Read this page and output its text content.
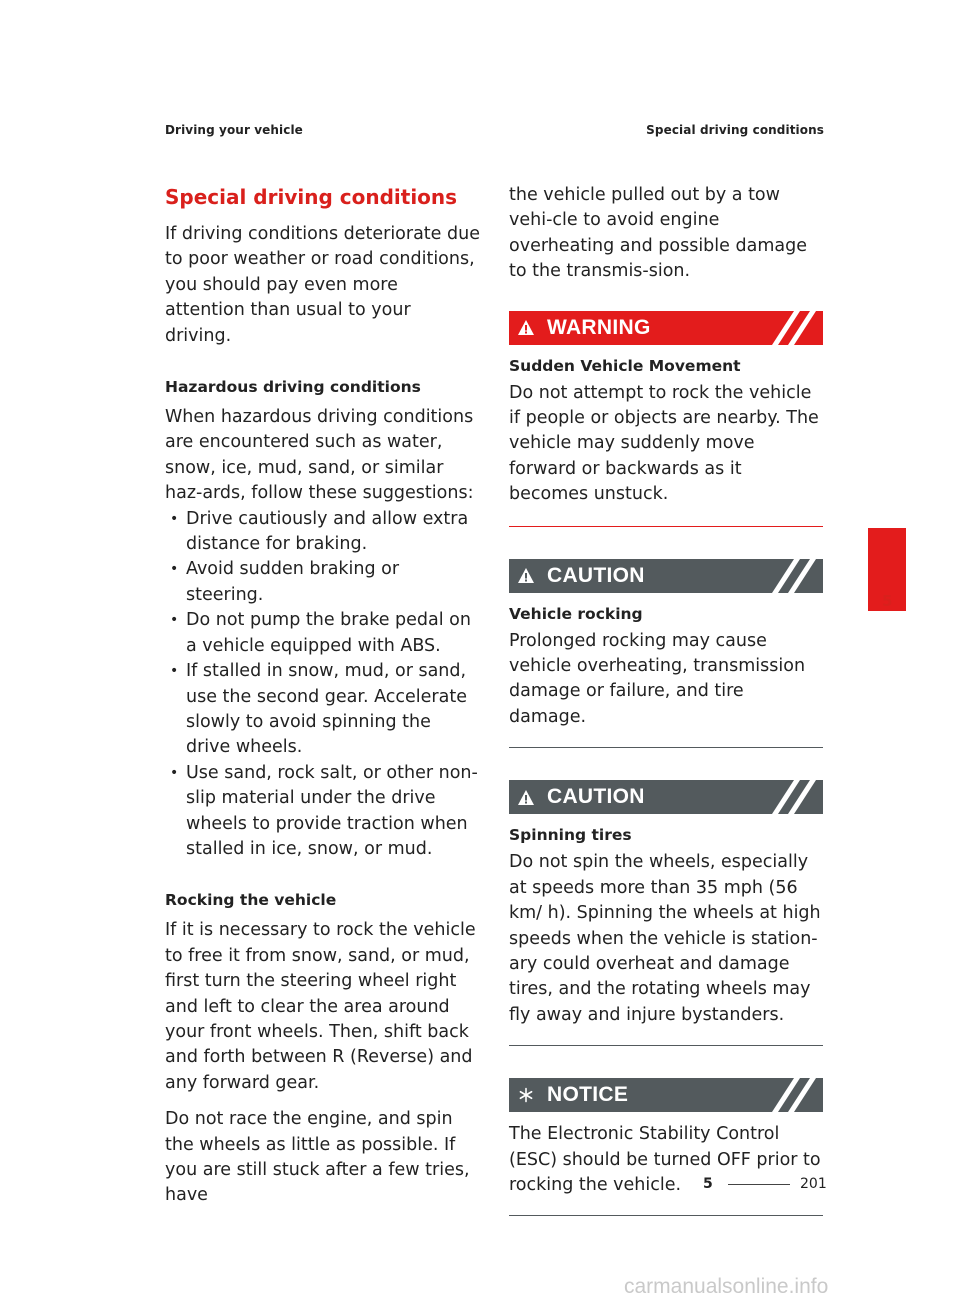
Driving your vehicle	Special driving conditions
Special driving conditions

If driving conditions deteriorate due to poor weather or road conditions, you should pay even more attention than usual to your driving.

Hazardous driving conditions

When hazardous driving conditions are encountered such as water, snow, ice, mud, sand, or similar haz-ards, follow these suggestions:

• Drive cautiously and allow extra distance for braking.
• Avoid sudden braking or steering.
• Do not pump the brake pedal on a vehicle equipped with ABS.
• If stalled in snow, mud, or sand, use the second gear. Accelerate slowly to avoid spinning the drive wheels.
• Use sand, rock salt, or other non-slip material under the drive wheels to provide traction when stalled in ice, snow, or mud.
Rocking the vehicle

If it is necessary to rock the vehicle to free it from snow, sand, or mud, first turn the steering wheel right and left to clear the area around your front wheels. Then, shift back and forth between R (Reverse) and any forward gear.

Do not race the engine, and spin the wheels as little as possible. If you are still stuck after a few tries, have

the vehicle pulled out by a tow vehi-cle to avoid engine overheating and possible damage to the transmis-sion.

WARNING
Sudden Vehicle Movement

Do not attempt to rock the vehicle if people or objects are nearby. The vehicle may suddenly move forward or backwards as it becomes unstuck.

CAUTION
Vehicle rocking

Prolonged rocking may cause vehicle overheating, transmission damage or failure, and tire damage.

CAUTION
Spinning tires

Do not spin the wheels, especially at speeds more than 35 mph (56 km/ h). Spinning the wheels at high speeds when the vehicle is station-ary could overheat and damage tires, and the rotating wheels may fly away and injure bystanders.

NOTICE

The Electronic Stability Control (ESC) should be turned OFF prior to rocking the vehicle.

5
5	201
carmanualsonline.info
